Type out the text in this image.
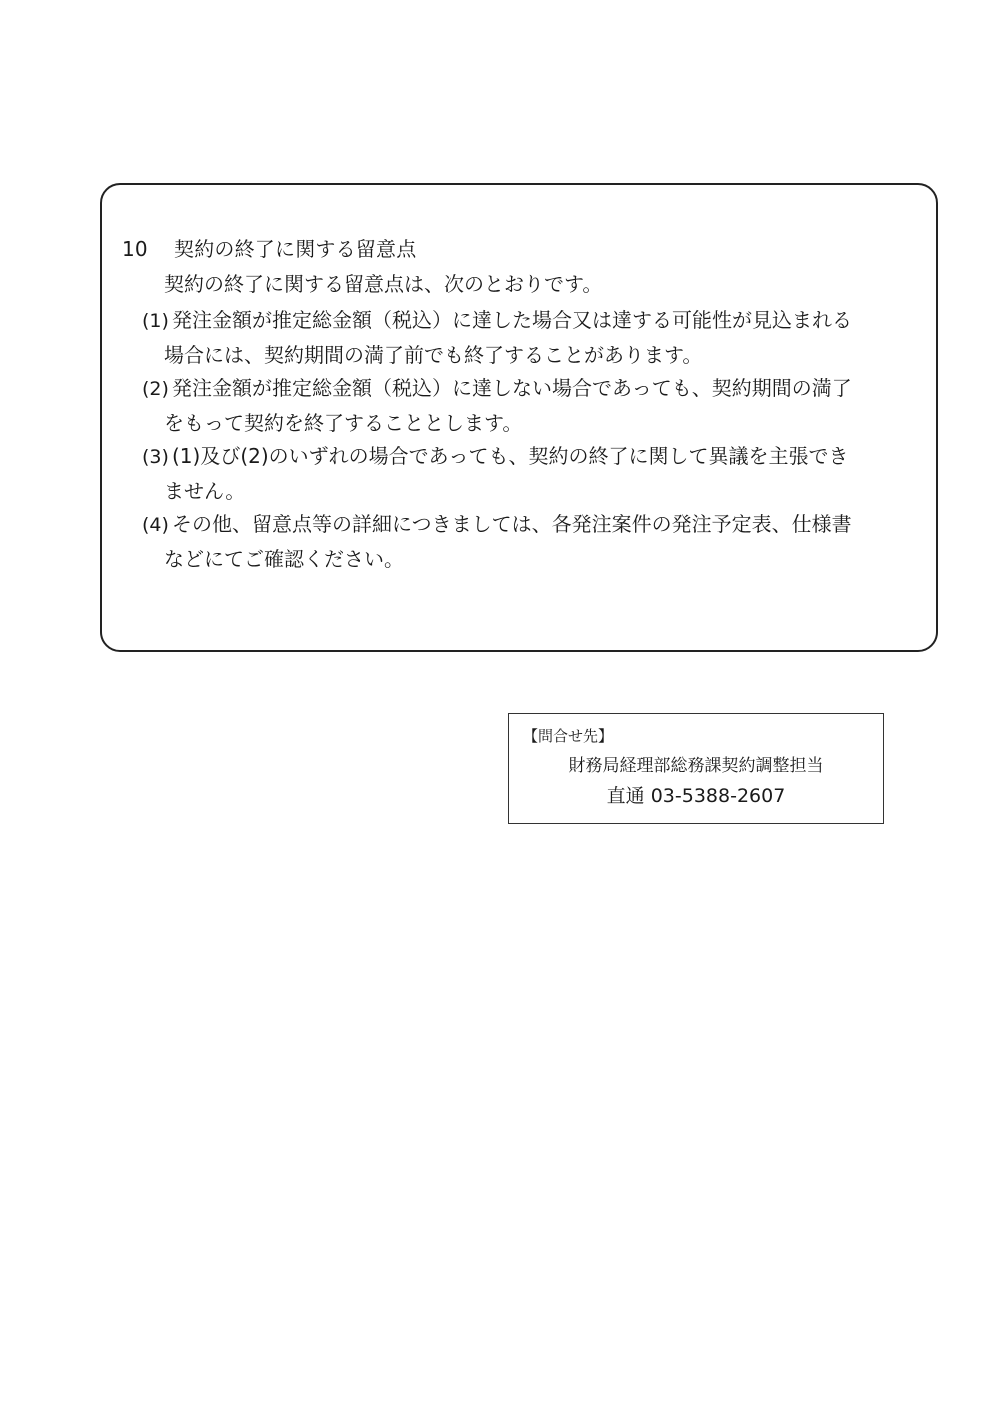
10 契約の終了に関する留意点
契約の終了に関する留意点は、次のとおりです。
(1) 発注金額が推定総金額（税込）に達した場合又は達する可能性が見込まれる
場合には、契約期間の満了前でも終了することがあります。
(2) 発注金額が推定総金額（税込）に達しない場合であっても、契約期間の満了
をもって契約を終了することとします。
(3) (1)及び(2)のいずれの場合であっても、契約の終了に関して異議を主張でき
ません。
(4) その他、留意点等の詳細につきましては、各発注案件の発注予定表、仕様書
などにてご確認ください。
【問合せ先】
財務局経理部総務課契約調整担当
直通 03-5388-2607
